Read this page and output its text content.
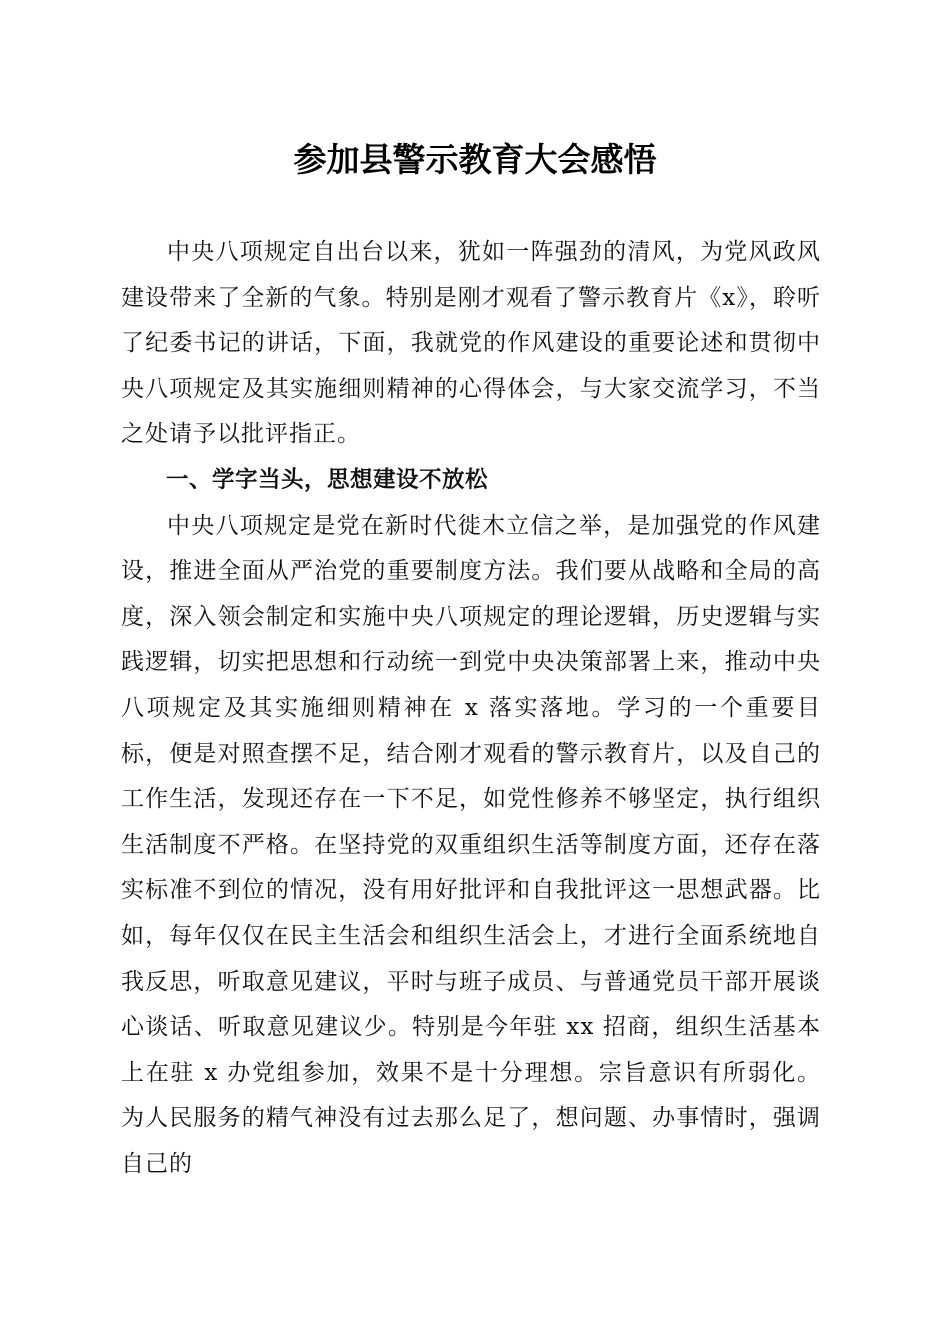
参加县警示教育大会感悟

中央八项规定自出台以来，犹如一阵强劲的清风，为党风政风建设带来了全新的气象。特别是刚才观看了警示教育片《x》，聆听了纪委书记的讲话，下面，我就党的作风建设的重要论述和贯彻中央八项规定及其实施细则精神的心得体会，与大家交流学习，不当之处请予以批评指正。

一、学字当头，思想建设不放松

中央八项规定是党在新时代徙木立信之举，是加强党的作风建设，推进全面从严治党的重要制度方法。我们要从战略和全局的高度，深入领会制定和实施中央八项规定的理论逻辑，历史逻辑与实践逻辑，切实把思想和行动统一到党中央决策部署上来，推动中央八项规定及其实施细则精神在 x 落实落地。学习的一个重要目标，便是对照查摆不足，结合刚才观看的警示教育片，以及自己的工作生活，发现还存在一下不足，如党性修养不够坚定，执行组织生活制度不严格。在坚持党的双重组织生活等制度方面，还存在落实标准不到位的情况，没有用好批评和自我批评这一思想武器。比如，每年仅仅在民主生活会和组织生活会上，才进行全面系统地自我反思，听取意见建议，平时与班子成员、与普通党员干部开展谈心谈话、听取意见建议少。特别是今年驻 xx 招商，组织生活基本上在驻 x 办党组参加，效果不是十分理想。宗旨意识有所弱化。为人民服务的精气神没有过去那么足了，想问题、办事情时，强调自己的
